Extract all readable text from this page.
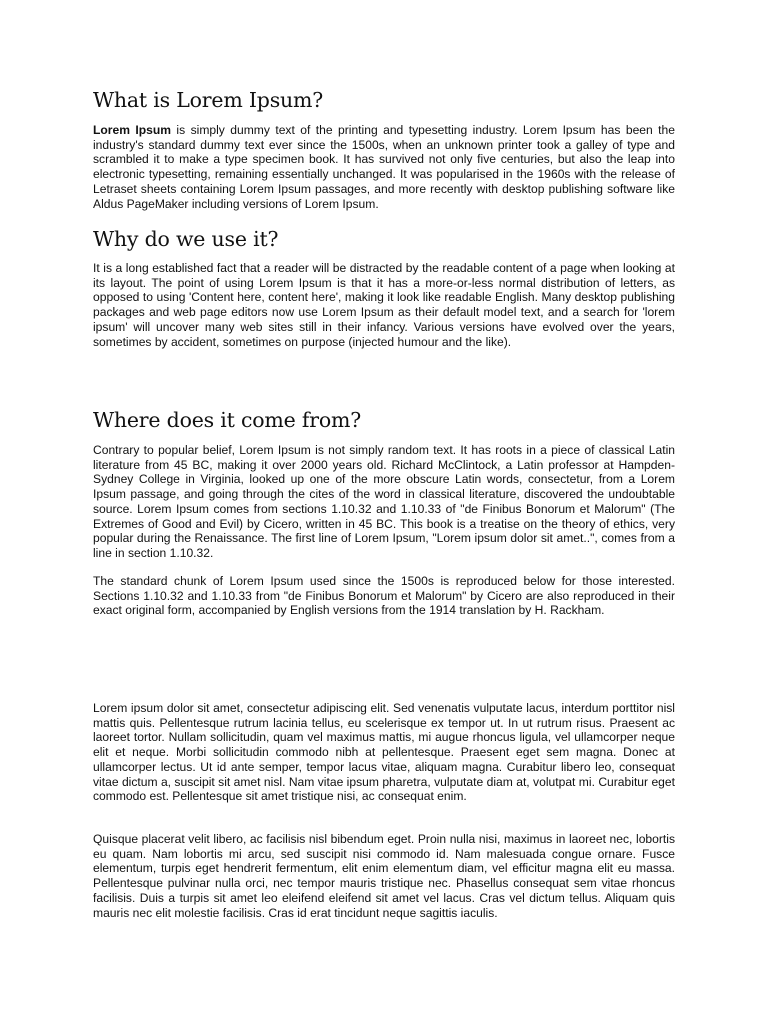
What is Lorem Ipsum?

Lorem Ipsum is simply dummy text of the printing and typesetting industry. Lorem Ipsum has been the industry's standard dummy text ever since the 1500s, when an unknown printer took a galley of type and scrambled it to make a type specimen book. It has survived not only five centuries, but also the leap into electronic typesetting, remaining essentially unchanged. It was popularised in the 1960s with the release of Letraset sheets containing Lorem Ipsum passages, and more recently with desktop publishing software like Aldus PageMaker including versions of Lorem Ipsum.

Why do we use it?

It is a long established fact that a reader will be distracted by the readable content of a page when looking at its layout. The point of using Lorem Ipsum is that it has a more-or-less normal distribution of letters, as opposed to using 'Content here, content here', making it look like readable English. Many desktop publishing packages and web page editors now use Lorem Ipsum as their default model text, and a search for 'lorem ipsum' will uncover many web sites still in their infancy. Various versions have evolved over the years, sometimes by accident, sometimes on purpose (injected humour and the like).

Where does it come from?

Contrary to popular belief, Lorem Ipsum is not simply random text. It has roots in a piece of classical Latin literature from 45 BC, making it over 2000 years old. Richard McClintock, a Latin professor at Hampden-Sydney College in Virginia, looked up one of the more obscure Latin words, consectetur, from a Lorem Ipsum passage, and going through the cites of the word in classical literature, discovered the undoubtable source. Lorem Ipsum comes from sections 1.10.32 and 1.10.33 of "de Finibus Bonorum et Malorum" (The Extremes of Good and Evil) by Cicero, written in 45 BC. This book is a treatise on the theory of ethics, very popular during the Renaissance. The first line of Lorem Ipsum, "Lorem ipsum dolor sit amet..", comes from a line in section 1.10.32.

The standard chunk of Lorem Ipsum used since the 1500s is reproduced below for those interested. Sections 1.10.32 and 1.10.33 from "de Finibus Bonorum et Malorum" by Cicero are also reproduced in their exact original form, accompanied by English versions from the 1914 translation by H. Rackham.

Lorem ipsum dolor sit amet, consectetur adipiscing elit. Sed venenatis vulputate lacus, interdum porttitor nisl mattis quis. Pellentesque rutrum lacinia tellus, eu scelerisque ex tempor ut. In ut rutrum risus. Praesent ac laoreet tortor. Nullam sollicitudin, quam vel maximus mattis, mi augue rhoncus ligula, vel ullamcorper neque elit et neque. Morbi sollicitudin commodo nibh at pellentesque. Praesent eget sem magna. Donec at ullamcorper lectus. Ut id ante semper, tempor lacus vitae, aliquam magna. Curabitur libero leo, consequat vitae dictum a, suscipit sit amet nisl. Nam vitae ipsum pharetra, vulputate diam at, volutpat mi. Curabitur eget commodo est. Pellentesque sit amet tristique nisi, ac consequat enim.

Quisque placerat velit libero, ac facilisis nisl bibendum eget. Proin nulla nisi, maximus in laoreet nec, lobortis eu quam. Nam lobortis mi arcu, sed suscipit nisi commodo id. Nam malesuada congue ornare. Fusce elementum, turpis eget hendrerit fermentum, elit enim elementum diam, vel efficitur magna elit eu massa. Pellentesque pulvinar nulla orci, nec tempor mauris tristique nec. Phasellus consequat sem vitae rhoncus facilisis. Duis a turpis sit amet leo eleifend eleifend sit amet vel lacus. Cras vel dictum tellus. Aliquam quis mauris nec elit molestie facilisis. Cras id erat tincidunt neque sagittis iaculis.
